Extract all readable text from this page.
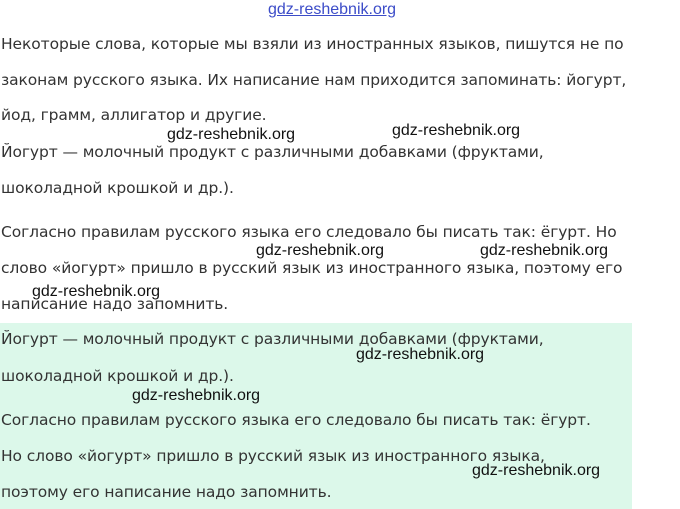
gdz-reshebnik.org
Некоторые слова, которые мы взяли из иностранных языков, пишутся не по
законам русского языка. Их написание нам приходится запоминать: йогурт,
йод, грамм, аллигатор и другие.
Йогурт — молочный продукт с различными добавками (фруктами,
шоколадной крошкой и др.).
Согласно правилам русского языка его следовало бы писать так: ёгурт. Но
слово «йогурт» пришло в русский язык из иностранного языка, поэтому его
написание надо запомнить.
Йогурт — молочный продукт с различными добавками (фруктами,
шоколадной крошкой и др.).
Согласно правилам русского языка его следовало бы писать так: ёгурт.
Но слово «йогурт» пришло в русский язык из иностранного языка,
поэтому его написание надо запомнить.
gdz-reshebnik.org	gdz-reshebnik.org
gdz-reshebnik.org	gdz-reshebnik.org
gdz-reshebnik.org
gdz-reshebnik.org
gdz-reshebnik.org
gdz-reshebnik.org
